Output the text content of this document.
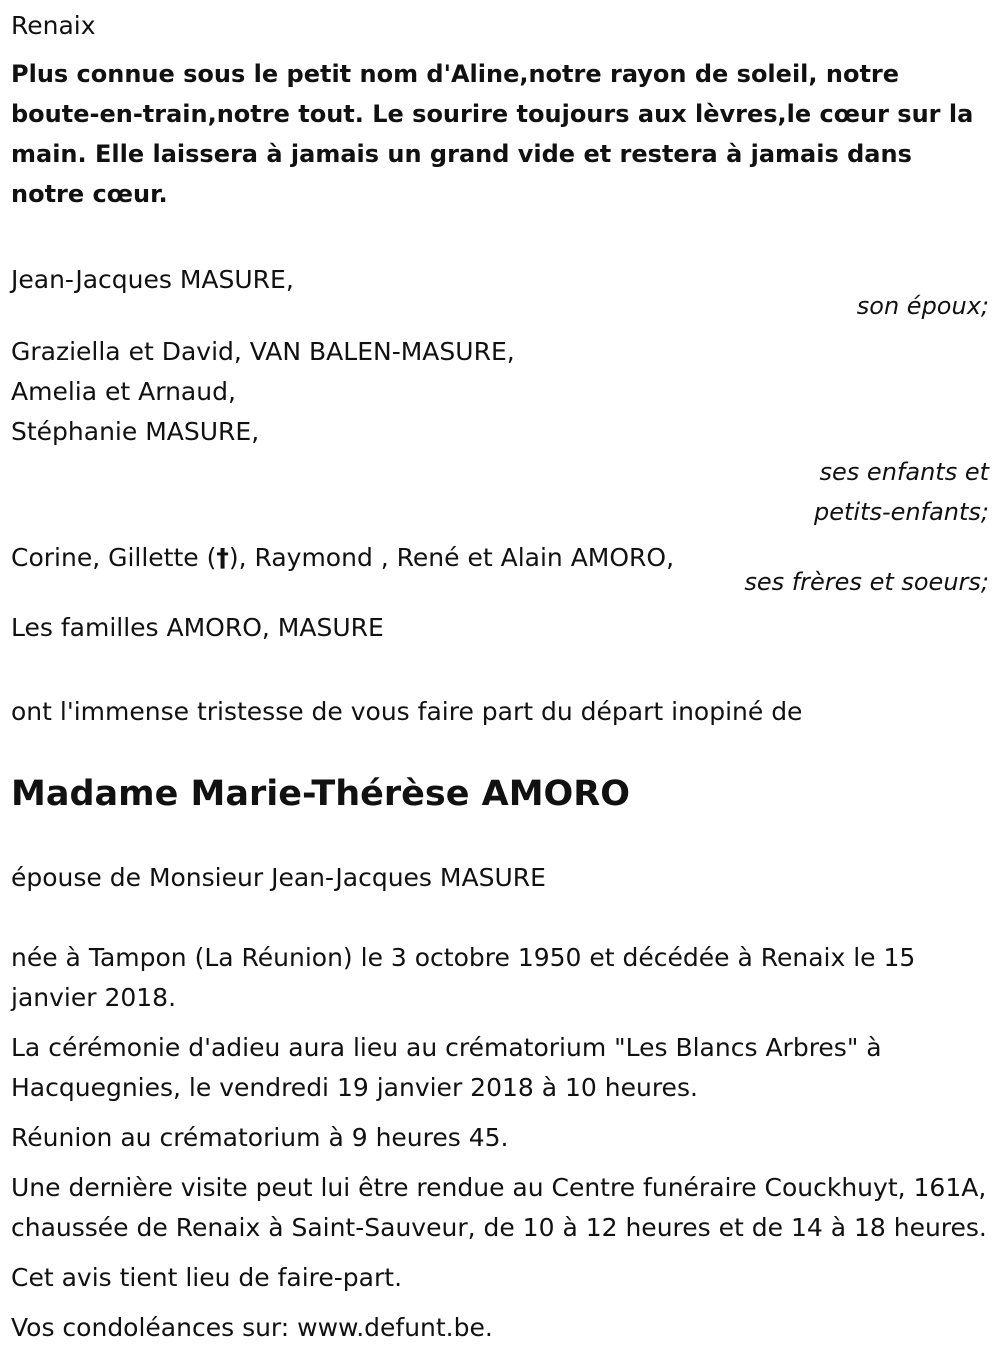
Renaix

Plus connue sous le petit nom d'Aline,notre rayon de soleil, notre boute-en-train,notre tout. Le sourire toujours aux lèvres,le cœur sur la main. Elle laissera à jamais un grand vide et restera à jamais dans notre cœur.

Jean-Jacques MASURE,

son époux;

Graziella et David, VAN BALEN-MASURE,

Amelia et Arnaud,

Stéphanie MASURE,

ses enfants et

petits-enfants;

Corine, Gillette (†), Raymond , René et Alain AMORO,

ses frères et soeurs;

Les familles AMORO, MASURE

ont l'immense tristesse de vous faire part du départ inopiné de

Madame Marie-Thérèse AMORO

épouse de Monsieur Jean-Jacques MASURE

née à Tampon (La Réunion) le 3 octobre 1950 et décédée à Renaix le 15 janvier 2018.

La cérémonie d'adieu aura lieu au crématorium "Les Blancs Arbres" à Hacquegnies, le vendredi 19 janvier 2018 à 10 heures.

Réunion au crématorium à 9 heures 45.

Une dernière visite peut lui être rendue au Centre funéraire Couckhuyt, 161A, chaussée de Renaix à Saint-Sauveur, de 10 à 12 heures et de 14 à 18 heures.

Cet avis tient lieu de faire-part.

Vos condoléances sur: www.defunt.be.
